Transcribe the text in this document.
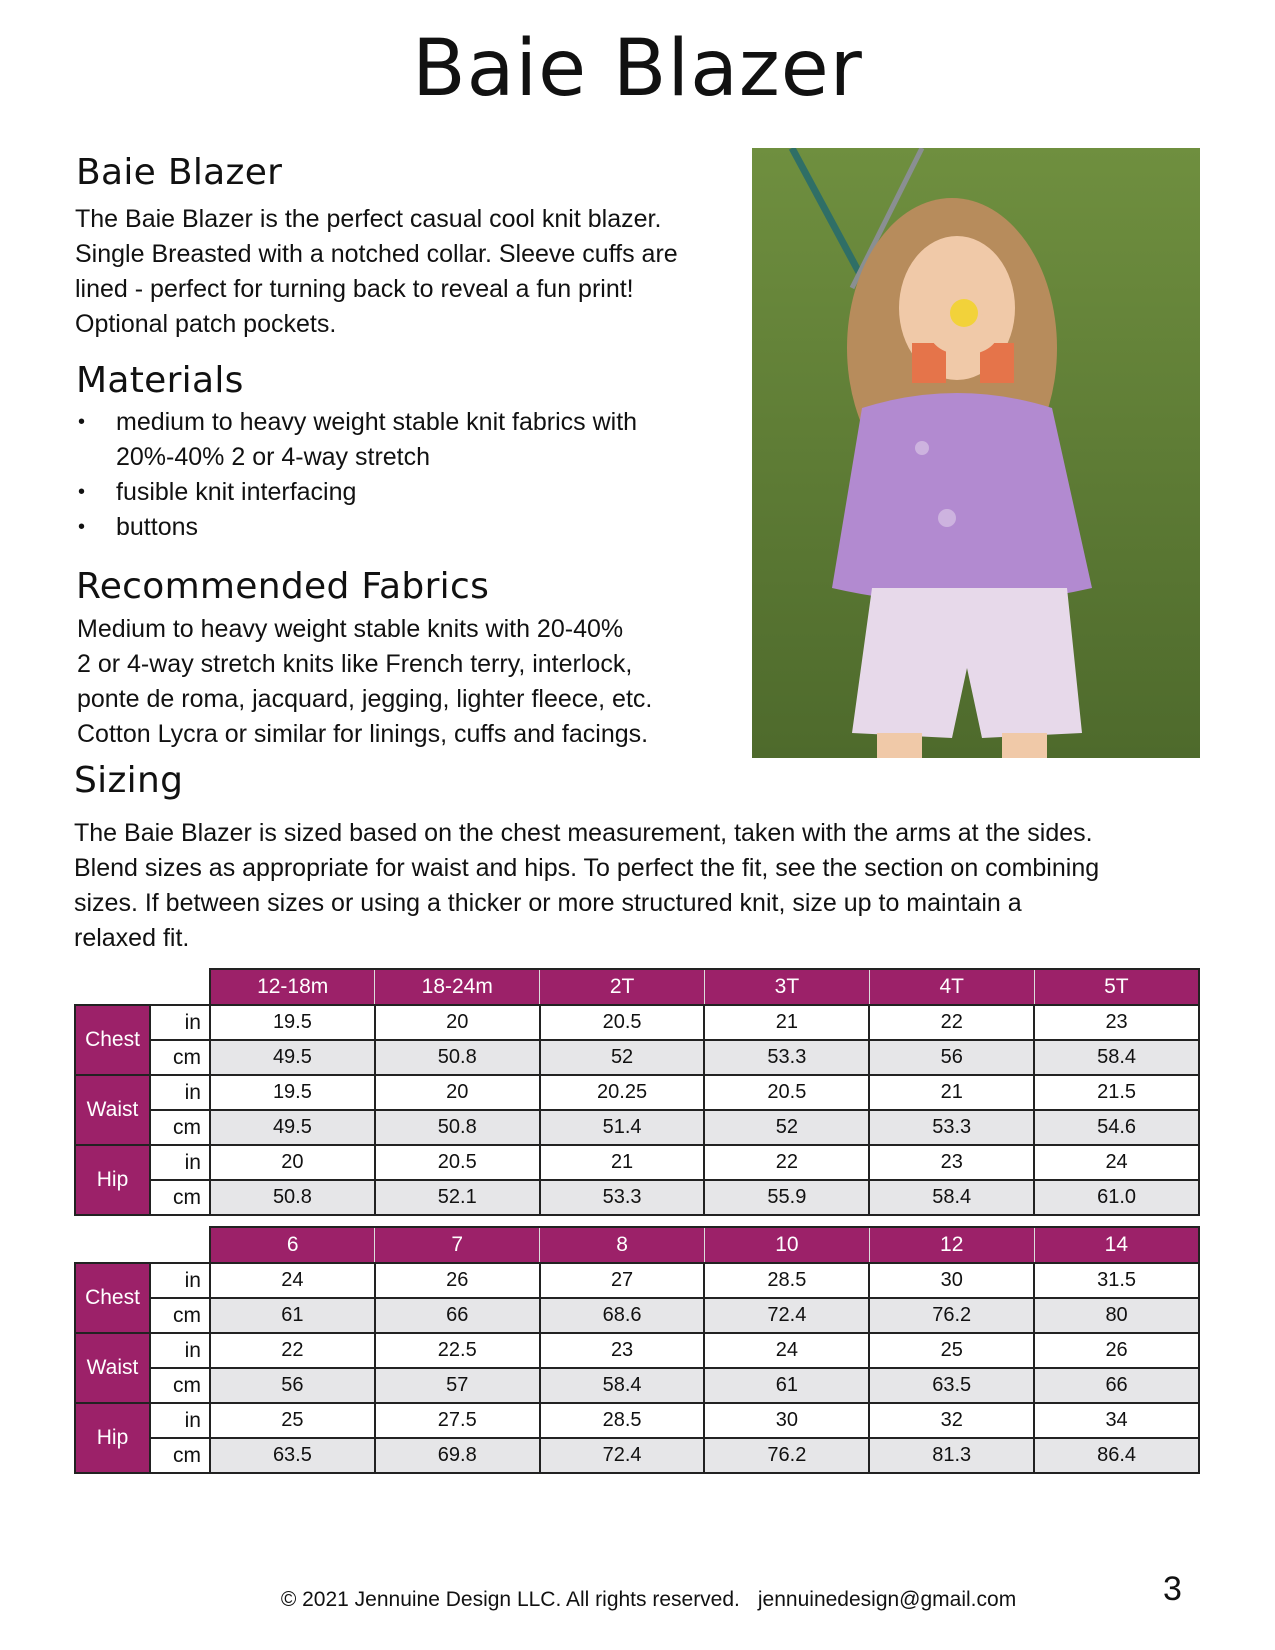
Baie Blazer
Baie Blazer
The Baie Blazer is the perfect casual cool knit blazer.
Single Breasted with a notched collar. Sleeve cuffs are
lined - perfect for turning back to reveal a fun print!
Optional patch pockets.
Materials
• medium to heavy weight stable knit fabrics with
20%-40% 2 or 4-way stretch
• fusible knit interfacing
• buttons
Recommended Fabrics
Medium to heavy weight stable knits with 20-40%
2 or 4-way stretch knits like French terry, interlock,
ponte de roma, jacquard, jegging, lighter fleece, etc.
Cotton Lycra or similar for linings, cuffs and facings.
Sizing
The Baie Blazer is sized based on the chest measurement, taken with the arms at the sides.
Blend sizes as appropriate for waist and hips. To perfect the fit, see the section on combining
sizes. If between sizes or using a thicker or more structured knit, size up to maintain a
relaxed fit.
		12-18m	18-24m	2T	3T	4T	5T
Chest	in	19.5	20	20.5	21	22	23
	cm	49.5	50.8	52	53.3	56	58.4
Waist	in	19.5	20	20.25	20.5	21	21.5
	cm	49.5	50.8	51.4	52	53.3	54.6
Hip	in	20	20.5	21	22	23	24
	cm	50.8	52.1	53.3	55.9	58.4	61.0
		6	7	8	10	12	14
Chest	in	24	26	27	28.5	30	31.5
	cm	61	66	68.6	72.4	76.2	80
Waist	in	22	22.5	23	24	25	26
	cm	56	57	58.4	61	63.5	66
Hip	in	25	27.5	28.5	30	32	34
	cm	63.5	69.8	72.4	76.2	81.3	86.4
© 2021 Jennuine Design LLC. All rights reserved. jennuinedesign@gmail.com	3
